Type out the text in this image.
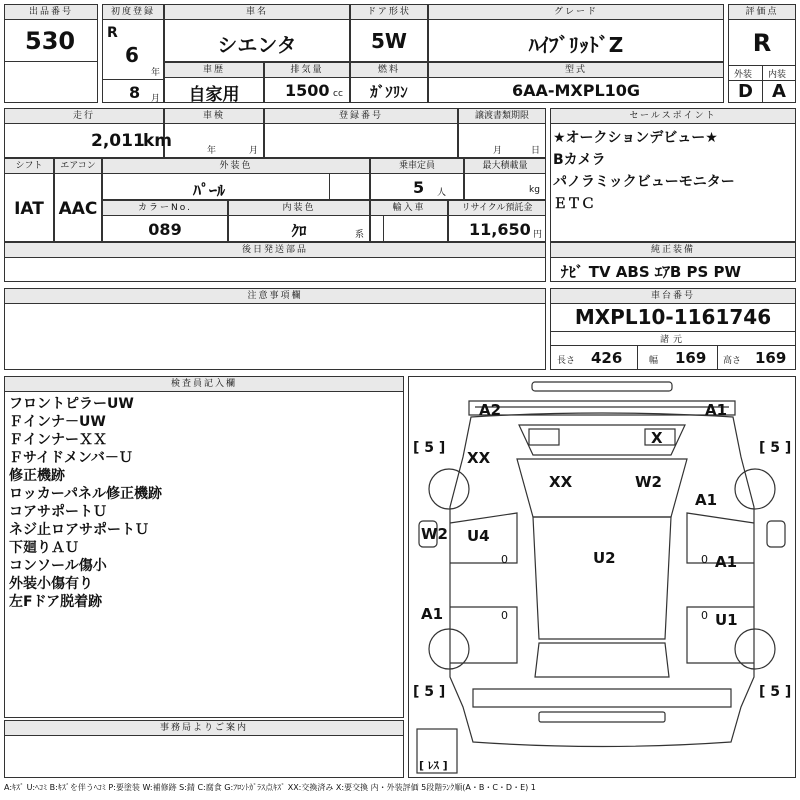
出品番号
530
初度登録
R
6
年
8 月
車名
シエンタ
ドア形状
5W
グレード
ﾊｲﾌﾞﾘｯﾄﾞZ
車歴
自家用
排気量
1500 cc
燃料
ｶﾞｿﾘﾝ
型式
6AA-MXPL10G
評価点
R
外装 内装
D A
走行
2,011
km
車検
年	月
登録番号	譲渡書類期限
月	日
シフト
IAT
エアコン
AAC
外装色
ﾊﾟｰﾙ
乗車定員
5 人
最大積載量
kg
カラーNo.
089
内装色
ｸﾛ	系
輸入車	リサイクル預託金
11,650 円
後日発送部品
セールスポイント
★オークションデビュー★
Bカメラ
パノラミックビューモニター
ＥＴＣ
純正装備
ﾅﾋﾞ TV ABS ｴｱB PS PW
注意事項欄	車台番号
MXPL10-1161746
諸元
長さ 426	幅 169 高さ 169
検査員記入欄
フロントピラーUW
Ｆインナ－UW
ＦインナーＸＸ
Ｆサイドメンバ－Ｕ
修正機跡
ロッカーパネル修正機跡
コアサポートＵ
ネジ止ロアサポートＵ
下廻りＡＵ
コンソール傷小
外装小傷有り
左Fドア脱着跡
事務局よりご案内
A2	A1
X
XX
XX	W2
A1
W2 U4
U2	A1
A1	U1
0	0
0	0
[ 5 ]	[ 5 ]
[ 5 ]	[ 5 ]
[ ﾚｽ ]
A:ｷｽﾞ U:ﾍｺﾐ B:ｷｽﾞを伴うﾍｺﾐ P:要塗装 W:補修跡 S:錆 C:腐食 G:ﾌﾛﾝﾄｶﾞﾗｽ点ｷｽﾞ XX:交換済み X:要交換 内・外装評価 5段階ﾗﾝｸ順(A・B・C・D・E) 1
